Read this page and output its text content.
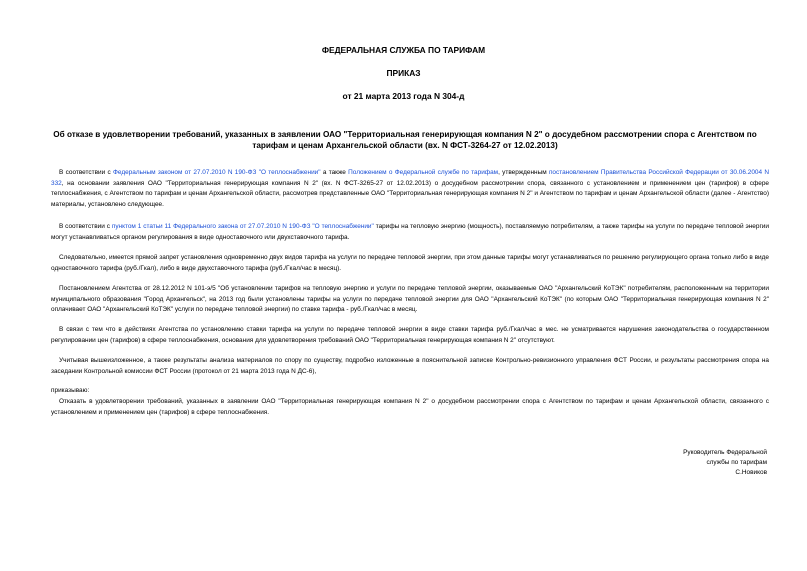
ФЕДЕРАЛЬНАЯ СЛУЖБА ПО ТАРИФАМ

ПРИКАЗ

от 21 марта 2013 года N 304-д

Об отказе в удовлетворении требований, указанных в заявлении ОАО "Территориальная генерирующая компания N 2" о досудебном рассмотрении спора с Агентством по тарифам и ценам Архангельской области (вх. N ФСТ-3264-27 от 12.02.2013)

В соответствии с Федеральным законом от 27.07.2010 N 190-ФЗ "О теплоснабжении" а также Положением о Федеральной службе по тарифам, утвержденным постановлением Правительства Российской Федерации от 30.06.2004 N 332, на основании заявления ОАО "Территориальная генерирующая компания N 2" (вх. N ФСТ-3265-27 от 12.02.2013) о досудебном рассмотрении спора, связанного с установлением и применением цен (тарифов) в сфере теплоснабжения, с Агентством по тарифам и ценам Архангельской области, рассмотрев представленные ОАО "Территориальная генерирующая компания N 2" и Агентством по тарифам и ценам Архангельской области (далее - Агентство) материалы, установлено следующее.

В соответствии с пунктом 1 статьи 11 Федерального закона от 27.07.2010 N 190-ФЗ "О теплоснабжении" тарифы на тепловую энергию (мощность), поставляемую потребителям, а также тарифы на услуги по передаче тепловой энергии могут устанавливаться органом регулирования в виде одноставочного или двухставочного тарифа.

Следовательно, имеется прямой запрет установления одновременно двух видов тарифа на услуги по передаче тепловой энергии, при этом данные тарифы могут устанавливаться по решению регулирующего органа только либо в виде одноставочного тарифа (руб./Гкал), либо в виде двухставочного тарифа (руб./Гкал/час в месяц).

Постановлением Агентства от 28.12.2012 N 101-э/5 "Об установлении тарифов на тепловую энергию и услуги по передаче тепловой энергии, оказываемые ОАО "Архангельский КоТЭК" потребителям, расположенным на территории муниципального образования "Город Архангельск", на 2013 год были установлены тарифы на услуги по передаче тепловой энергии для ОАО "Архангельский КоТЭК" (по которым ОАО "Территориальная генерирующая компания N 2" оплачивает ОАО "Архангельский КоТЭК" услуги по передаче тепловой энергии) по ставке тарифа - руб./Гкал/час в месяц.

В связи с тем что в действиях Агентства по установлению ставки тарифа на услуги по передаче тепловой энергии в виде ставки тарифа руб./Гкал/час в мес. не усматривается нарушения законодательства о государственном регулировании цен (тарифов) в сфере теплоснабжения, основания для удовлетворения требований ОАО "Территориальная генерирующая компания N 2" отсутствуют.

Учитывая вышеизложенное, а также результаты анализа материалов по спору по существу, подробно изложенные в пояснительной записке Контрольно-ревизионного управления ФСТ России, и результаты рассмотрения спора на заседании Контрольной комиссии ФСТ России (протокол от 21 марта 2013 года N ДС-6),

приказываю:

Отказать в удовлетворении требований, указанных в заявлении ОАО "Территориальная генерирующая компания N 2" о досудебном рассмотрении спора с Агентством по тарифам и ценам Архангельской области, связанного с установлением и применением цен (тарифов) в сфере теплоснабжения.

Руководитель Федеральной

службы по тарифам

С.Новиков
